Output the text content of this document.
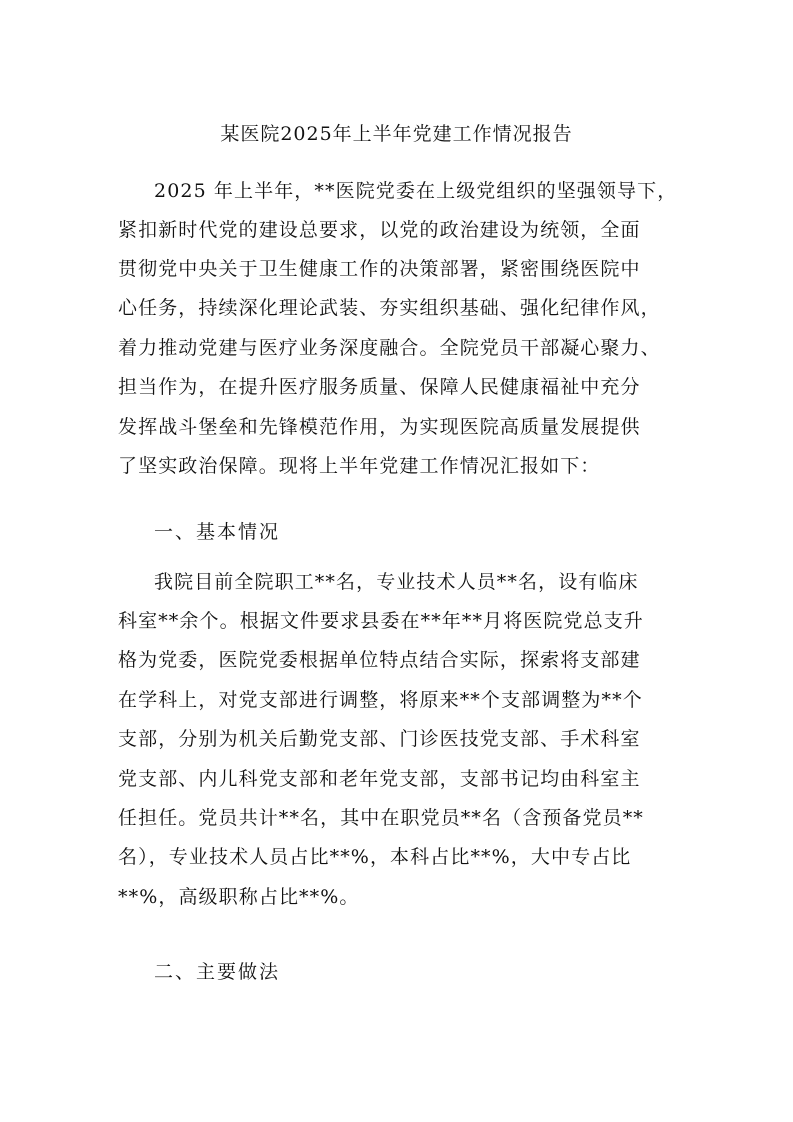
某医院2025年上半年党建工作情况报告
2025 年上半年，**医院党委在上级党组织的坚强领导下，
紧扣新时代党的建设总要求，以党的政治建设为统领，全面
贯彻党中央关于卫生健康工作的决策部署，紧密围绕医院中
心任务，持续深化理论武装、夯实组织基础、强化纪律作风，
着力推动党建与医疗业务深度融合。全院党员干部凝心聚力、
担当作为，在提升医疗服务质量、保障人民健康福祉中充分
发挥战斗堡垒和先锋模范作用，为实现医院高质量发展提供
了坚实政治保障。现将上半年党建工作情况汇报如下：
一、基本情况
我院目前全院职工**名，专业技术人员**名，设有临床
科室**余个。根据文件要求县委在**年**月将医院党总支升
格为党委，医院党委根据单位特点结合实际，探索将支部建
在学科上，对党支部进行调整，将原来**个支部调整为**个
支部，分别为机关后勤党支部、门诊医技党支部、手术科室
党支部、内儿科党支部和老年党支部，支部书记均由科室主
任担任。党员共计**名，其中在职党员**名（含预备党员**
名），专业技术人员占比**%，本科占比**%，大中专占比
**%，高级职称占比**%。
二、主要做法
